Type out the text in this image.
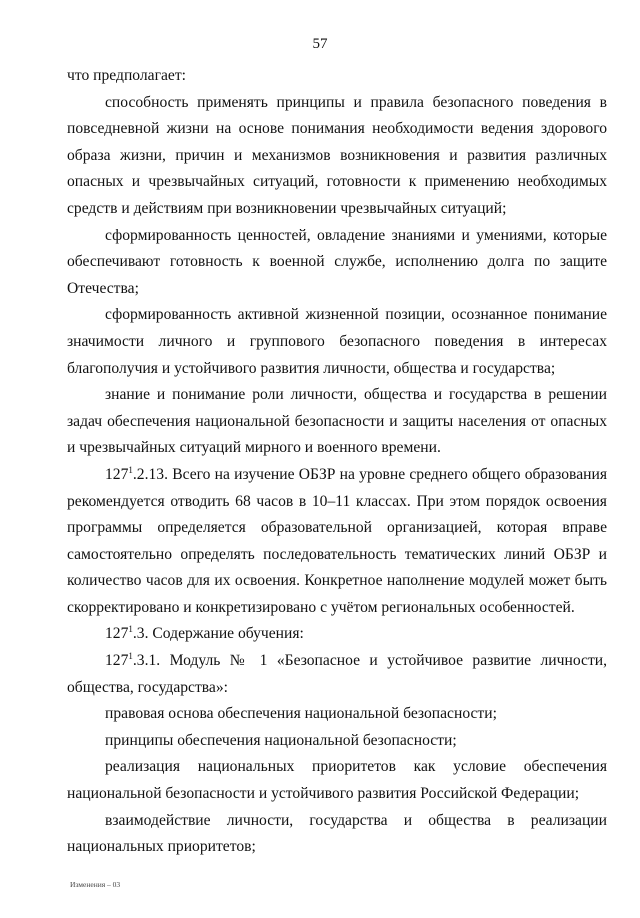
57

что предполагает:

способность применять принципы и правила безопасного поведения в повседневной жизни на основе понимания необходимости ведения здорового образа жизни, причин и механизмов возникновения и развития различных опасных и чрезвычайных ситуаций, готовности к применению необходимых средств и действиям при возникновении чрезвычайных ситуаций;

сформированность ценностей, овладение знаниями и умениями, которые обеспечивают готовность к военной службе, исполнению долга по защите Отечества;

сформированность активной жизненной позиции, осознанное понимание значимости личного и группового безопасного поведения в интересах благополучия и устойчивого развития личности, общества и государства;

знание и понимание роли личности, общества и государства в решении задач обеспечения национальной безопасности и защиты населения от опасных и чрезвычайных ситуаций мирного и военного времени.

$127^1.2.13$. Всего на изучение ОБЗР на уровне среднего общего образования рекомендуется отводить 68 часов в 10–11 классах. При этом порядок освоения программы определяется образовательной организацией, которая вправе самостоятельно определять последовательность тематических линий ОБЗР и количество часов для их освоения. Конкретное наполнение модулей может быть скорректировано и конкретизировано с учётом региональных особенностей.

$127^1.3$. Содержание обучения:

$127^1.3.1$. Модуль № 1 «Безопасное и устойчивое развитие личности, общества, государства»:

правовая основа обеспечения национальной безопасности;

принципы обеспечения национальной безопасности;

реализация национальных приоритетов как условие обеспечения национальной безопасности и устойчивого развития Российской Федерации;

взаимодействие личности, государства и общества в реализации национальных приоритетов;

Изменения – 03
